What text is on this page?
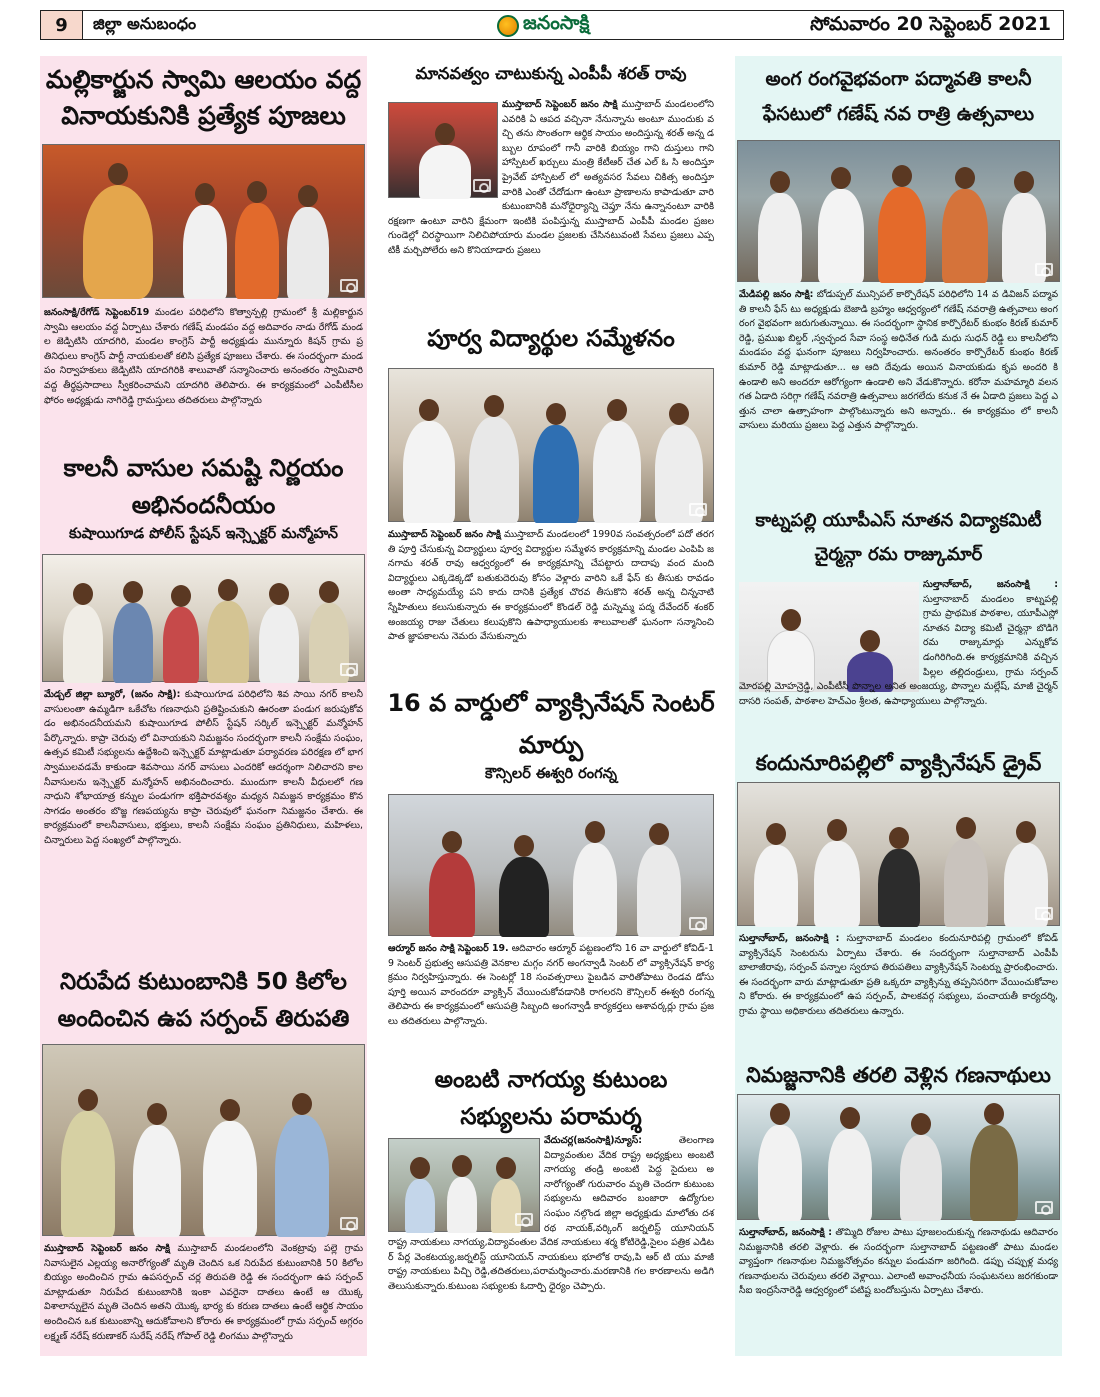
9	జిల్లా అనుబంధం	జనంసాక్షి	సోమవారం 20 సెప్టెంబర్ 2021
మల్లికార్జున స్వామి ఆలయం వద్ద వినాయకునికి ప్రత్యేక పూజలు
జనంసాక్షి/రేగోడ్ సెప్టెంబర్19 మండల పరిధిలోని కొత్వాన్పల్లి గ్రామంలో శ్రీ మల్లికార్జున స్వామి ఆలయం వద్ద ఏర్పాటు చేశారు గణేష్ మండపం వద్ద అదివారం నాడు రేగోడ్ మండల జెడ్పిటిసి యాదగిరి, మండల కాంగ్రెస్ పార్టీ అధ్యక్షుడు మున్నూరు కిషన్ గ్రామ ప్రతినిధులు కాంగ్రెస్ పార్టీ నాయకులతో కలిసి ప్రత్యేక పూజలు చేశారు. ఈ సందర్భంగా మండపం నిర్వాహకులు జెడ్పిటిసి యాదగిరికి శాలువాతో సన్మానించారు అనంతరం స్వామివారి వద్ద తీర్థప్రసాదాలు స్వీకరించామని యాదగిరి తెలిపారు. ఈ కార్యక్రమంలో ఎంపీటీసీల ఫోరం అధ్యక్షుడు నాగిరెడ్డి గ్రామస్తులు తదితరులు పాల్గొన్నారు
కాలనీ వాసుల సమష్టి నిర్ణయం అభినందనీయం
కుషాయిగూడ పోలీస్ స్టేషన్ ఇన్స్పెక్టర్ మన్మోహన్
మేడ్చల్ జిల్లా బ్యూరో, (జనం సాక్షి): కుషాయిగూడ పరిధిలోని శివ సాయి నగర్ కాలనీ వాసులంతా ఉమ్మడిగా ఒకేచోట గణనాధుని ప్రతిష్టించుకుని ఊరంతా పండుగ జరుపుకోవడం అభినందనీయమని కుషాయిగూడ పోలీస్ స్టేషన్ సర్కిల్ ఇన్స్పెక్టర్ మన్మోహన్ పేర్కొన్నారు. కాప్రా చెరువు లో వినాయకుని నిమజ్జనం సందర్భంగా కాలనీ సంక్షేమ సంఘం, ఉత్సవ కమిటీ సభ్యులను ఉద్దేశించి ఇన్స్పెక్టర్ మాట్లాడుతూ పర్యావరణ పరిరక్షణ లో భాగస్వాములవడమే కాకుండా శివసాయి నగర్ వాసులు ఎందరికో ఆదర్శంగా నిలిచారని కాలనీవాసులను ఇన్స్పెక్టర్ మన్మోహన్ అభినందించారు. ముందుగా కాలనీ వీధులలో గణనాధుని శోభాయాత్ర కన్నుల పండుగగా భక్తిపారవశ్యం మధ్యన నిమజ్జన కార్యక్రమం కొనసాగడం అంతరం బొజ్జ గణపయ్యను కాప్రా చెరువులో ఘనంగా నిమజ్జనం చేశారు. ఈ కార్యక్రమంలో కాలనీవాసులు, భక్తులు, కాలనీ సంక్షేమ సంఘం ప్రతినిధులు, మహిళలు, చిన్నారులు పెద్ద సంఖ్యలో పాల్గొన్నారు.
నిరుపేద కుటుంబానికి 50 కిలోల అందించిన ఉప సర్పంచ్ తిరుపతి
ముస్తాబాద్ సెప్టెంబర్ జనం సాక్షి ముస్తాబాద్ మండలంలోని వెంకట్రావు పల్లె గ్రామ నివాసులైన ఎల్లయ్య అనారోగ్యంతో మృతి చెందిన ఒక నిరుపేద కుటుంబానికి 50 కిలోల బియ్యం అందించిన గ్రామ ఉపసర్పంచ్ చర్ల తిరుపతి రెడ్డి ఈ సందర్భంగా ఉప సర్పంచ్ మాట్లాడుతూ నిరుపేద కుటుంబానికి ఇంకా ఎవరైనా దాతలు ఉంటే ఆ యొక్క విశాలాన్నులైన మృతి చెందిన అతని యొక్క భార్య కు కరుణ దాతలు ఉంటే ఆర్థిక సాయం అందించిన ఒక కుటుంబాన్ని ఆదుకోవాలని కోరారు ఈ కార్యక్రమంలో గ్రామ సర్పంచ్ అగ్గరం లక్ష్మణ్ నరేష్ కరుణాకర్ సురేష్ నరేష్ గోపాల్ రెడ్డి లింగము పాల్గొన్నారు
మానవత్వం చాటుకున్న ఎంపీపీ శరత్ రావు
ముస్తాబాద్ సెప్టెంబర్ జనం సాక్షి ముస్తాబాద్ మండలంలోని ఎవరికి ఏ ఆపద వచ్చినా నేనున్నాను అంటూ ముందుకు వచ్చి తను సొంతంగా ఆర్థిక సాయం అందిస్తున్న శరత్ అన్న డబ్బుల రూపంలో గానీ వారికి బియ్యం గాని దుస్తులు గాని హాస్పిటల్ ఖర్చులు మంత్రి కేటీఆర్ చేత ఎల్ ఓ సి అందిస్తూ ప్రైవేట్ హాస్పిటల్ లో అత్యవసర సేవలు చికిత్స అందిస్తూ వారికి ఎంతో చేదోడుగా ఉంటూ ప్రాణాలను కాపాడుతూ వారి కుటుంబానికి మనోధైర్యాన్ని చెప్తూ నేను ఉన్నానంటూ వారికి రక్షణగా ఉంటూ వారిని క్షేమంగా ఇంటికి పంపిస్తున్న ముస్తాబాద్ ఎంపీపీ మండల ప్రజల గుండెల్లో చిరస్థాయిగా నిలిచిపోయారు మండల ప్రజలకు చేసినటువంటి సేవలు ప్రజలు ఎప్పటికీ మర్చిపోలేరు అని కొనియాడారు ప్రజలు
పూర్వ విద్యార్థుల సమ్మేళనం
ముస్తాబాద్ సెప్టెంబర్ జనం సాక్షి ముస్తాబాద్ మండలంలో 1990వ సంవత్సరంలో పదో తరగతి పూర్తి చేసుకున్న విద్యార్థులు పూర్వ విద్యార్థుల సమ్మేళన కార్యక్రమాన్ని మండల ఎంపిపి జనగామ శరత్ రావు ఆధ్వర్యంలో ఈ కార్యక్రమాన్ని చేపట్టారు దాదాపు వంద మంది విద్యార్థులు ఎక్కడెక్కడో బతుకుదెరువు కోసం వెళ్లారు వారిని ఒకే ఫేస్ కు తీసుకు రావడం అంతా సాధ్యమయ్యే పని కాదు దానికి ప్రత్యేక చొరవ తీసుకొని శరత్ అన్న చిన్ననాటి స్నేహితులు కలుసుకున్నారు ఈ కార్యక్రమంలో కొండల్ రెడ్డి మస్నెమ్మ పద్మ దేవేందర్ శంకర్ అంజయ్య రాజు చేతులు కలుపుకొని ఉపాధ్యాయులకు శాలువాలతో ఘనంగా సన్మానించి పాత జ్ఞాపకాలను నెమరు వేసుకున్నారు
16 వ వార్డులో వ్యాక్సినేషన్ సెంటర్ మార్పు
కౌన్సిలర్ ఈశ్వరి రంగన్న
ఆర్మూర్ జనం సాక్షి సెప్టెంబర్ 19. ఆదివారం ఆర్మూర్ పట్టణంలోని 16 వా వార్డులో కోవిడ్-19 సెంటర్ ప్రభుత్వ ఆసుపత్రి వెనకాల మగ్గం నగర్ అంగన్వాడీ సెంటర్ లో వ్యాక్సినేషన్ కార్యక్రమం నిర్వహిస్తున్నారు. ఈ సెంటర్లో 18 సంవత్సరాలు పైబడిన వారితోపాటు రెండవ డోసు పూర్తి అయిన వారందరూ వ్యాక్సిన్ వేయించుకోవడానికి రాగలరని కౌన్సిలర్ ఈశ్వరి రంగన్న తెలిపారు ఈ కార్యక్రమంలో ఆసుపత్రి సిబ్బంది అంగన్వాడీ కార్యకర్తలు ఆశావర్కర్లు గ్రామ ప్రజలు తదితరులు పాల్గొన్నారు.
అంబటి నాగయ్య కుటుంబ సభ్యులను పరామర్శ
వేదుచర్ల(జనంసాక్షి)న్యూస్:	తెలంగాణ విద్యావంతుల వేదిక రాష్ట్ర అధ్యక్షులు అంబటి నాగయ్య తండ్రి అంబటి పెద్ద సైదులు అనారోగ్యంతో గురువారం మృతి చెందగా కుటుంబ సభ్యులను ఆదివారం బంజారా ఉద్యోగుల సంఘం నల్గొండ జిల్లా అధ్యక్షుడు మాలోతు దశరథ నాయక్,వర్కింగ్ జర్నలిస్ట్ యూనియన్ రాష్ట్ర నాయకులు నాగయ్య,విద్యావంతుల వేదిక నాయకులు శర్మ కోటిరెడ్డి,సైలం పత్రిక ఎడిటర్ పేర్ల వెంకటయ్య,జర్నలిస్ట్ యూనియన్ నాయకులు భూలోక రావు,పి ఆర్ టి యు మాజీ రాష్ట్ర నాయకులు పిచ్చి రెడ్డి,తదితరులు,పరామర్శించారు.మరణానికి గల కారణాలను అడిగి తెలుసుకున్నారు.కుటుంబ సభ్యులకు ఓదార్పి ధైర్యం చెప్పారు.
అంగ రంగవైభవంగా పద్మావతి కాలనీ ఫేసటులో గణేష్ నవ రాత్రి ఉత్సవాలు
మేడిపల్లి జనం సాక్షి: బోడుప్పల్ మున్సిపల్ కార్పొరేషన్ పరిధిలోని 14 వ డివిజన్ పద్మావతి కాలనీ ఫేస్ టు అధ్యక్షుడు బెజాడి బ్రహ్మం ఆధ్వర్యంలో గణేష్ నవరాత్రి ఉత్సవాలు అంగరంగ వైభవంగా జరుగుతున్నాయి. ఈ సందర్భంగా స్థానిక కార్పొరేటర్ కుంభం కిరణ్ కుమార్ రెడ్డి, ప్రముఖ బిల్డర్ ,స్వచ్ఛంద సేవా సంస్థ అధినేత గుడి మధు సుధన్ రెడ్డి లు కాలనీలోని మండపం వద్ద ఘనంగా పూజలు నిర్వహించారు. అనంతరం కార్పొరేటర్ కుంభం కిరణ్ కుమార్ రెడ్డి మాట్లాడుతూ... ఆ ఆది దేవుడు అయిన వినాయకుడు కృప అందరి కి ఉండాలి అని అందరూ ఆరోగ్యంగా ఉండాలి అని వేడుకొన్నారు. కరోనా మహమ్మారి వలన గత ఏడాది సరిగ్గా గణేష్ నవరాత్రి ఉత్సవాలు జరగలేదు కనుక నే ఈ ఏడాది ప్రజలు పెద్ద ఎత్తున చాలా ఉత్సాహంగా పాల్గొంటున్నారు అని అన్నారు.. ఈ కార్యక్రమం లో కాలనీ వాసులు మరియు ప్రజలు పెద్ద ఎత్తున పాల్గొన్నారు.
కాట్నపల్లి యూపీఎస్ నూతన విద్యాకమిటీ చైర్మన్గా రమ రాజ్కుమార్
సుల్తానా్బాద్, జనంసాక్షి : సుల్తానాబాద్ మండలం కాట్నపల్లి గ్రామ ప్రాథమిక పాఠశాల, యూపీఎస్లో నూతన విద్యా కమిటీ చైర్మన్గా బొడిగె రమ రాజ్కుమార్లు ఎన్నుకోవడంగిరిగింది.ఈ కార్యక్రమానికి వచ్చిన పిల్లల తల్లిదండ్రులు, గ్రామ సర్పంచ్ మోరపల్లి మోహన్రెడ్డి, ఎంపీటీసీ పొన్నాల అనిత అంజయ్య, పొన్నాల మల్లేష్, మాజీ చైర్మన్ దాసరి సంపత్, పాఠశాల హెచ్ఎం శ్రీలత, ఉపాధ్యాయులు పాల్గొన్నారు.
కందునూరిపల్లిలో వ్యాక్సినేషన్ డ్రైవ్
సుల్తానా్బాద్, జనంసాక్షి : సుల్తానాబాద్ మండలం కందునూరిపల్లి గ్రామంలో కోవిడ్ వ్యాక్సినేషన్ సెంటరును ఏర్పాటు చేశారు. ఈ సందర్భంగా సుల్తానాబాద్ ఎంపీపీ బాలాజీరావు, సర్పంచ్ పన్నాల స్వరూప తిరుపతిలు వ్యాక్సినేషన్ సెంటర్ను ప్రారంభించారు. ఈ సందర్భంగా వారు మాట్లాడుతూ ప్రతి ఒక్కరూ వ్యాక్సిన్ను తప్పనిసరిగా వేయించుకోవాలని కోరారు. ఈ కార్యక్రమంలో ఉప సర్పంచ్, పాలకవర్గ సభ్యులు, పంచాయతీ కార్యదర్శి, గ్రామ స్థాయి అధికారులు తదితరులు ఉన్నారు.
నిమజ్జనానికి తరలి వెళ్లిన గణనాథులు
సుల్తానా్బాద్, జనంసాక్షి : తొమ్మిది రోజుల పాటు పూజలందుకున్న గణనాథుడు ఆదివారం నిమజ్జనానికి తరలి వెళ్లారు. ఈ సందర్భంగా సుల్తానాబాద్ పట్టణంతో పాటు మండల వ్యాప్తంగా గణనాథుల నిమజ్జనోత్సవం కన్నుల పండువగా జరిగింది. డప్పు చప్పుళ్ల మధ్య గణనాథులను చెరువులు తరలి వెళ్లాయి. ఎలాంటి అవాంఛనీయ సంఘటనలు జరగకుండా సీఐ ఇంద్రసేనారెడ్డి ఆధ్వర్యంలో పటిష్ట బందోబస్తును ఏర్పాటు చేశారు.
